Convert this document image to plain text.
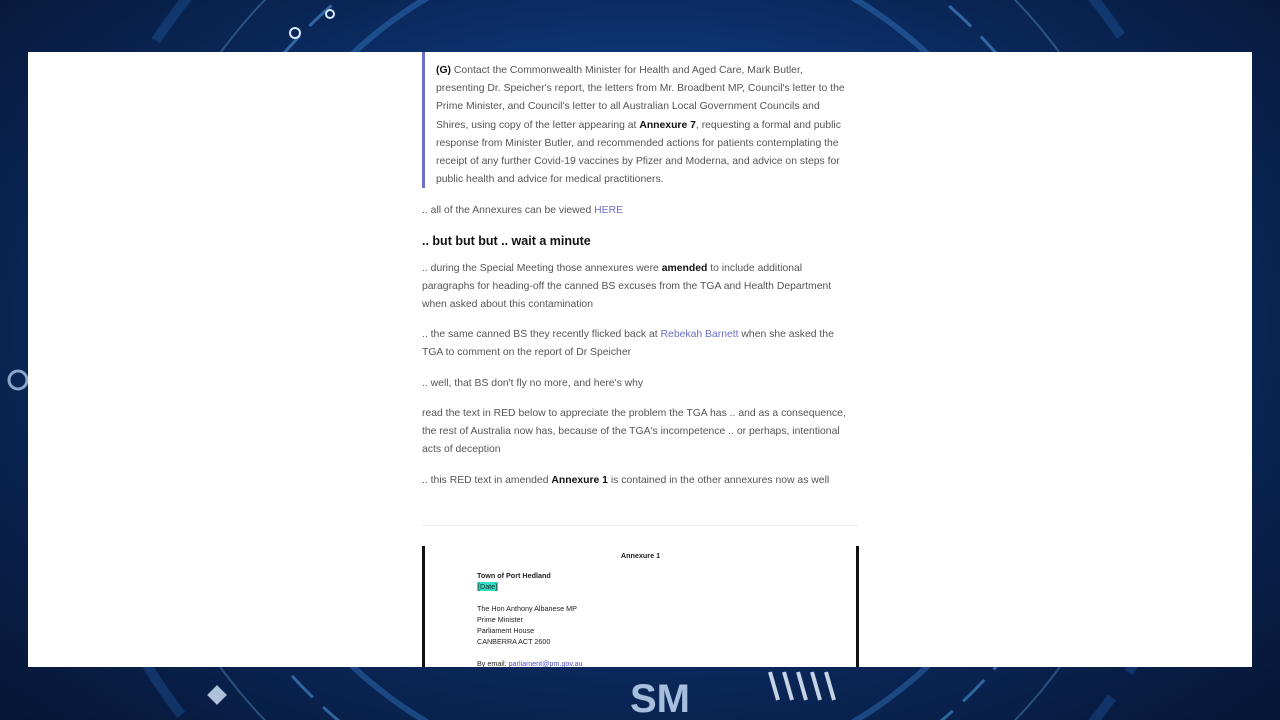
SM

(G) Contact the Commonwealth Minister for Health and Aged Care, Mark Butler, presenting Dr. Speicher's report, the letters from Mr. Broadbent MP, Council's letter to the Prime Minister, and Council's letter to all Australian Local Government Councils and Shires, using copy of the letter appearing at Annexure 7, requesting a formal and public response from Minister Butler, and recommended actions for patients contemplating the receipt of any further Covid-19 vaccines by Pfizer and Moderna, and advice on steps for public health and advice for medical practitioners.

.. all of the Annexures can be viewed HERE

.. but but but .. wait a minute

.. during the Special Meeting those annexures were amended to include additional paragraphs for heading-off the canned BS excuses from the TGA and Health Department when asked about this contamination

.. the same canned BS they recently flicked back at Rebekah Barnett when she asked the TGA to comment on the report of Dr Speicher

.. well, that BS don't fly no more, and here's why

read the text in RED below to appreciate the problem the TGA has .. and as a consequence, the rest of Australia now has, because of the TGA's incompetence .. or perhaps, intentional acts of deception

.. this RED text in amended Annexure 1 is contained in the other annexures now as well

Annexure 1
Town of Port Hedland
[Date]
The Hon Anthony Albanese MP
Prime Minister
Parliament House
CANBERRA ACT 2600
By email: parliament@pm.gov.au
